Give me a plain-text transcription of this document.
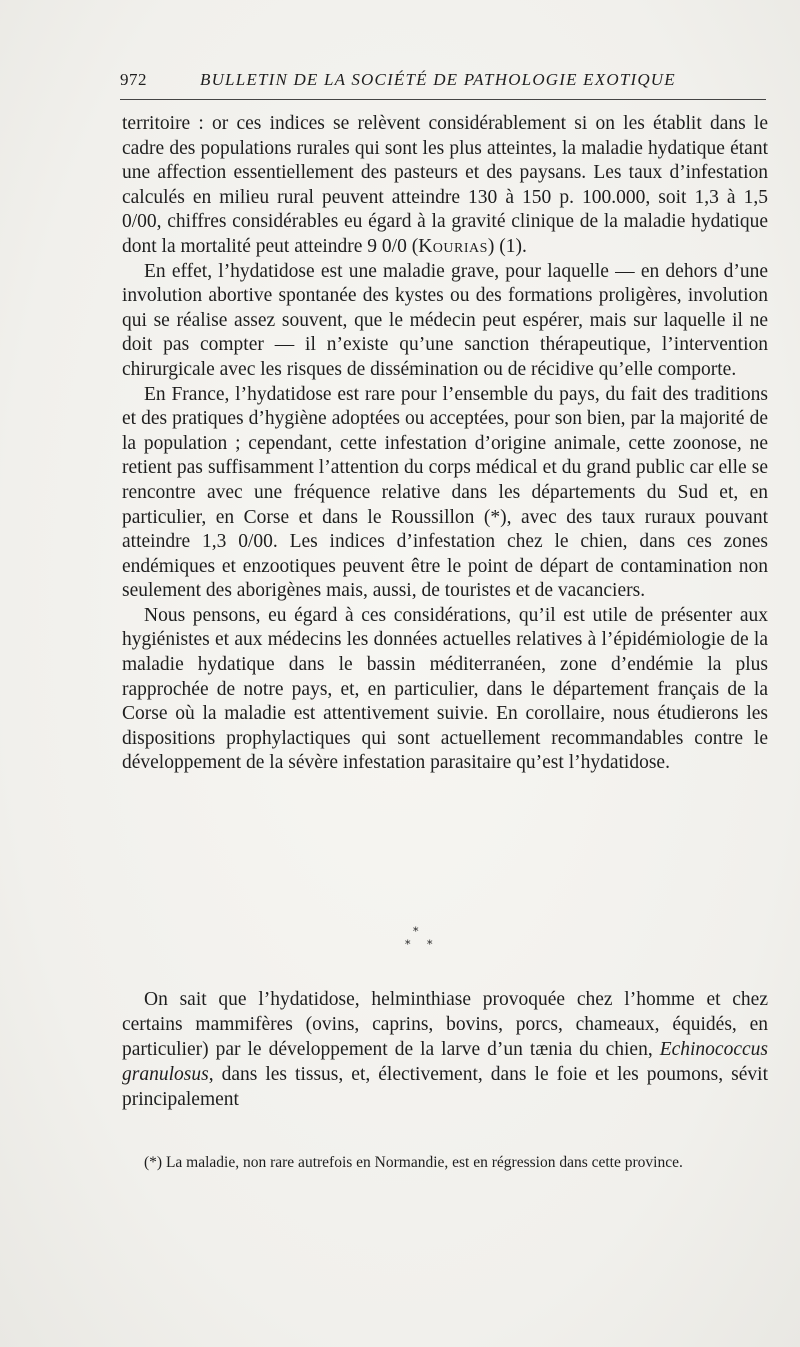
972	BULLETIN DE LA SOCIÉTÉ DE PATHOLOGIE EXOTIQUE

territoire : or ces indices se relèvent considérablement si on les établit dans le cadre des populations rurales qui sont les plus atteintes, la maladie hydatique étant une affection essentiellement des pasteurs et des paysans. Les taux d’infestation calculés en milieu rural peuvent atteindre 130 à 150 p. 100.000, soit 1,3 à 1,5 0/00, chiffres considérables eu égard à la gravité clinique de la maladie hydatique dont la mortalité peut atteindre 9 0/0 (Kourias) (1).

En effet, l’hydatidose est une maladie grave, pour laquelle — en dehors d’une involution abortive spontanée des kystes ou des formations proligères, involution qui se réalise assez souvent, que le médecin peut espérer, mais sur laquelle il ne doit pas compter — il n’existe qu’une sanction thérapeutique, l’intervention chirurgicale avec les risques de dissémination ou de récidive qu’elle comporte.

En France, l’hydatidose est rare pour l’ensemble du pays, du fait des traditions et des pratiques d’hygiène adoptées ou acceptées, pour son bien, par la majorité de la population ; cependant, cette infestation d’origine animale, cette zoonose, ne retient pas suffisamment l’attention du corps médical et du grand public car elle se rencontre avec une fréquence relative dans les départements du Sud et, en particulier, en Corse et dans le Roussillon (*), avec des taux ruraux pouvant atteindre 1,3 0/00. Les indices d’infestation chez le chien, dans ces zones endémiques et enzootiques peuvent être le point de départ de contamination non seulement des aborigènes mais, aussi, de touristes et de vacanciers.

Nous pensons, eu égard à ces considérations, qu’il est utile de présenter aux hygiénistes et aux médecins les données actuelles relatives à l’épidémiologie de la maladie hydatique dans le bassin méditerranéen, zone d’endémie la plus rapprochée de notre pays, et, en particulier, dans le département français de la Corse où la maladie est attentivement suivie. En corollaire, nous étudierons les dispositions prophylactiques qui sont actuellement recommandables contre le développement de la sévère infestation parasitaire qu’est l’hydatidose.

*
* *

On sait que l’hydatidose, helminthiase provoquée chez l’homme et chez certains mammifères (ovins, caprins, bovins, porcs, chameaux, équidés, en particulier) par le développement de la larve d’un tænia du chien, Echinococcus granulosus, dans les tissus, et, électivement, dans le foie et les poumons, sévit principalement

(*) La maladie, non rare autrefois en Normandie, est en régression dans cette province.
